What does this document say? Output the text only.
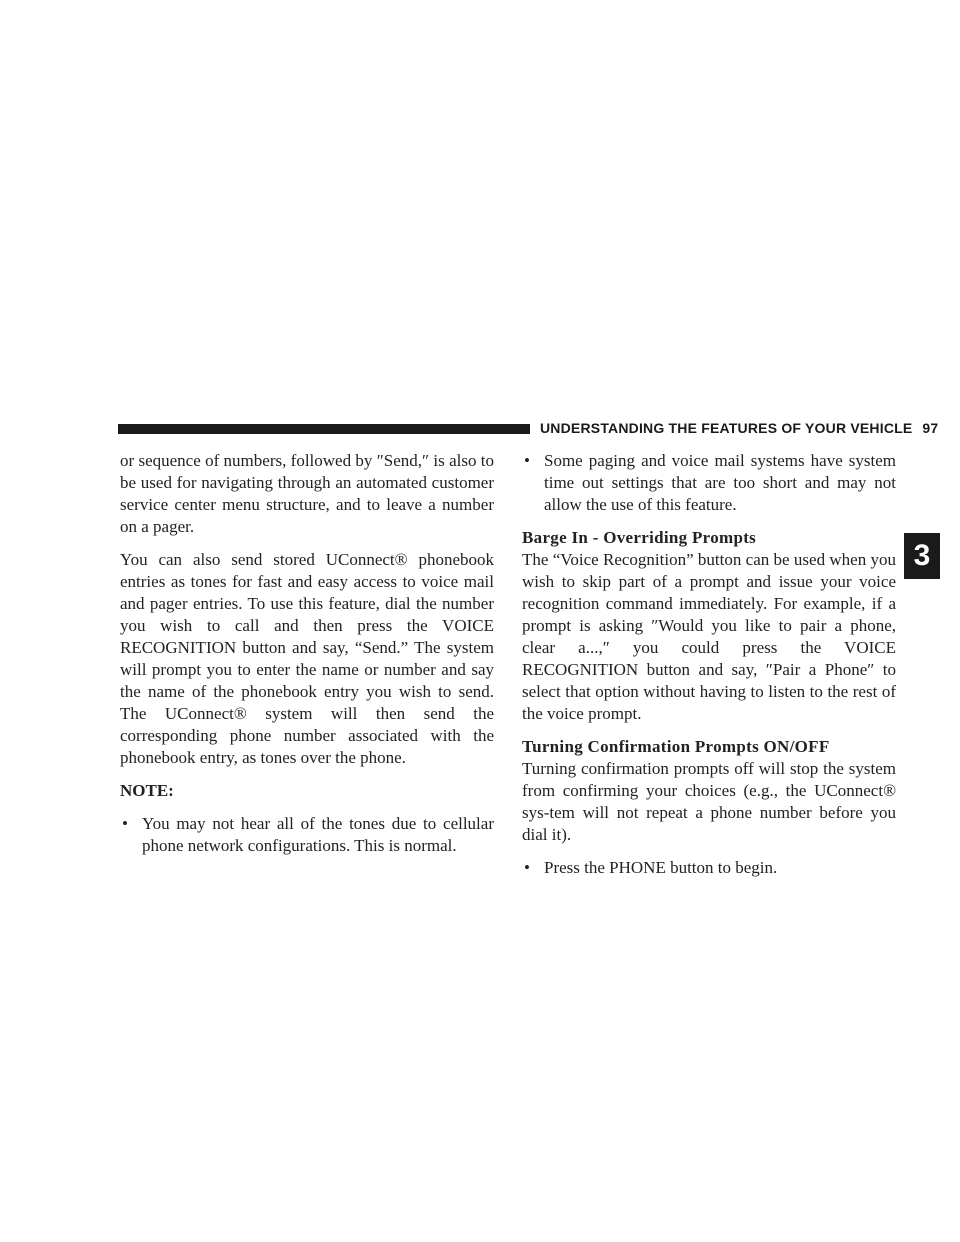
UNDERSTANDING THE FEATURES OF YOUR VEHICLE 97
3

or sequence of numbers, followed by ″Send,″ is also to be used for navigating through an automated customer service center menu structure, and to leave a number on a pager.

You can also send stored UConnect® phonebook entries as tones for fast and easy access to voice mail and pager entries. To use this feature, dial the number you wish to call and then press the VOICE RECOGNITION button and say, “Send.” The system will prompt you to enter the name or number and say the name of the phonebook entry you wish to send. The UConnect® system will then send the corresponding phone number associated with the phonebook entry, as tones over the phone.

NOTE:

• You may not hear all of the tones due to cellular phone network configurations. This is normal.
• Some paging and voice mail systems have system time out settings that are too short and may not allow the use of this feature.
Barge In - Overriding Prompts

The “Voice Recognition” button can be used when you wish to skip part of a prompt and issue your voice recognition command immediately. For example, if a prompt is asking ″Would you like to pair a phone, clear a...,″ you could press the VOICE RECOGNITION button and say, ″Pair a Phone″ to select that option without having to listen to the rest of the voice prompt.

Turning Confirmation Prompts ON/OFF

Turning confirmation prompts off will stop the system from confirming your choices (e.g., the UConnect® sys-tem will not repeat a phone number before you dial it).

• Press the PHONE button to begin.
